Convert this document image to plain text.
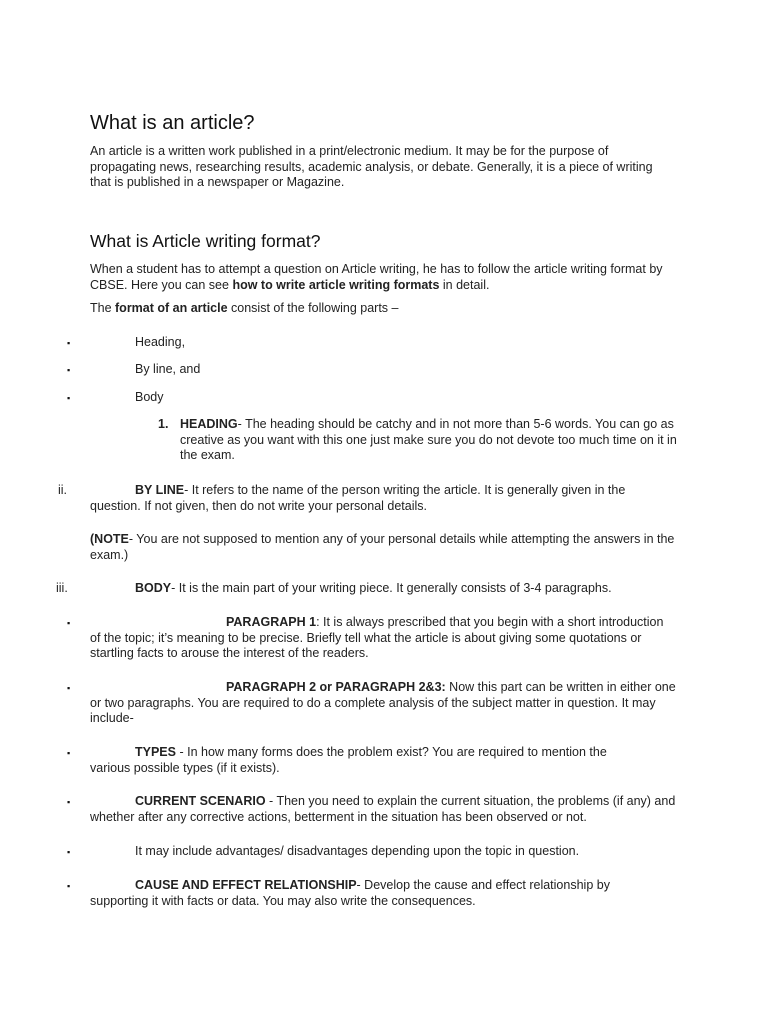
What is an article?
An article is a written work published in a print/electronic medium. It may be for the purpose of propagating news, researching results, academic analysis, or debate. Generally, it is a piece of writing that is published in a newspaper or Magazine.
What is Article writing format?
When a student has to attempt a question on Article writing, he has to follow the article writing format by CBSE. Here you can see how to write article writing formats in detail.
The format of an article consist of the following parts –
▪	Heading,
▪	By line, and
▪	Body
1. HEADING- The heading should be catchy and in not more than 5-6 words. You can go as creative as you want with this one just make sure you do not devote too much time on it in the exam.
ii.	BY LINE- It refers to the name of the person writing the article. It is generally given in the question. If not given, then do not write your personal details.
(NOTE- You are not supposed to mention any of your personal details while attempting the answers in the exam.)
iii.	BODY- It is the main part of your writing piece. It generally consists of 3-4 paragraphs.
▪	PARAGRAPH 1: It is always prescribed that you begin with a short introduction of the topic; it’s meaning to be precise. Briefly tell what the article is about giving some quotations or startling facts to arouse the interest of the readers.
▪	PARAGRAPH 2 or PARAGRAPH 2&3: Now this part can be written in either one or two paragraphs. You are required to do a complete analysis of the subject matter in question. It may include-
▪	TYPES - In how many forms does the problem exist? You are required to mention the various possible types (if it exists).
▪	CURRENT SCENARIO - Then you need to explain the current situation, the problems (if any) and whether after any corrective actions, betterment in the situation has been observed or not.
▪	It may include advantages/ disadvantages depending upon the topic in question.
▪	CAUSE AND EFFECT RELATIONSHIP- Develop the cause and effect relationship by supporting it with facts or data. You may also write the consequences.
